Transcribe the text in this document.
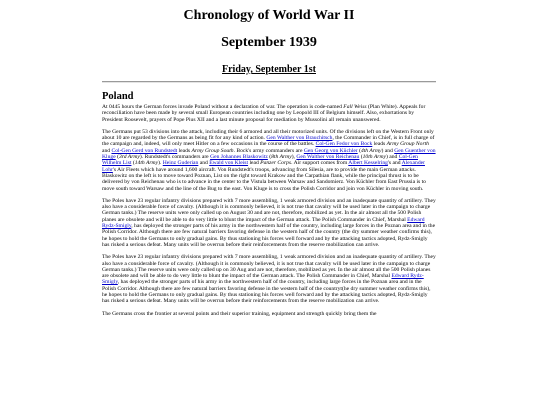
Chronology of World War II
September 1939
Friday, September 1st
Poland

At 0445 hours the German forces invade Poland without a declaration of war. The operation is code-named Fall Weiss (Plan White). Appeals for reconciliation have been made by several small European countries including one by Leopold III of Belgium himself. Also, exhortations by President Roosevelt, prayers of Pope Pius XII and a last minute proposal for mediation by Mussolini all remain unanswered.

The Germans put 53 divisions into the attack, including their 6 armored and all their motorized units. Of the divisions left on the Western Front only about 10 are regarded by the Germans as being fit for any kind of action. Gen Walther von Brauchitsch, the Commander in Chief, is in full charge of the campaign and, indeed, will only meet Hitler on a few occasions in the course of the battles. Col-Gen Fedor von Bock leads Army Group North and Col-Gen Gerd von Rundstedt leads Army Group South. Bock's army commanders are Gen Georg von Küchler (4th Army) and Gen Guenther von Kluge (3rd Army). Rundstedt's commanders are Gen Johannes Blaskowitz (8th Army), Gen Walther von Reichenau (10th Army) and Col-Gen Wilhelm List (14th Army). Heinz Guderian and Ewald von Kleist lead Panzer Corps. Air support comes from Albert Kesselring's and Alexander Lohr's Air Fleets which have around 1,600 aircraft. Von Rundstedt's troops, advancing from Silesia, are to provide the main German attacks. Blaskowitz on the left is to move toward Poznan, List on the right toward Krakow and the Carpathian flank, while the principal thrust is to be delivered by von Reichenau who is to advance in the center to the Vistula between Warsaw and Sandomierz. Von Küchler from East Prussia is to move south toward Warsaw and the line of the Bug to the east. Von Kluge is to cross the Polish Corridor and join von Küchler in moving south.

The Poles have 23 regular infantry divisions prepared with 7 more assembling, 1 weak armored division and an inadequate quantity of artillery. They also have a considerable force of cavalry. (Although it is commonly believed, it is not true that cavalry will be used later in the campaign to charge German tanks.) The reserve units were only called up on August 30 and are not, therefore, mobilized as yet. In the air almost all the 500 Polish planes are obsolete and will be able to do very little to blunt the impact of the German attack. The Polish Commander in Chief, Marshal Edward Rydz-Smigly, has deployed the stronger parts of his army in the northwestern half of the country, including large forces in the Poznan area and in the Polish Corridor. Although there are few natural barriers favoring defense in the western half of the country (the dry summer weather confirms this), he hopes to hold the Germans to only gradual gains. By thus stationing his forces well forward and by the attacking tactics adopted, Rydz-Smigly has risked a serious defeat. Many units will be overrun before their reinforcements from the reserve mobilization can arrive.

The Poles have 23 regular infantry divisions prepared with 7 more assembling, 1 weak armored division and an inadequate quantity of artillery. They also have a considerable force of cavalry. (Although it is commonly believed, it is not true that cavalry will be used later in the campaign to charge German tanks.) The reserve units were only called up on 30 Aug and are not, therefore, mobilized as yet. In the air almost all the 500 Polish planes are obsolete and will be able to do very little to blunt the impact of the German attack. The Polish Commander in Chief, Marshal Edward Rydz-Smigly, has deployed the stronger parts of his army in the northwestern half of the country, including large forces in the Poznan area and in the Polish Corridor. Although there are few natural barriers favoring defense in the western half of the countryt(he dry summer weather confirms this), he hopes to hold the Germans to only gradual gains. By thus stationing his forces well forward and by the attacking tactics adopted, Rydz-Smigly has risked a serious defeat. Many units will be overrun before their reinforcements from the reserve mobilization can arrive.

The Germans cross the frontier at several points and their superior training, equipment and strength quickly bring them the
